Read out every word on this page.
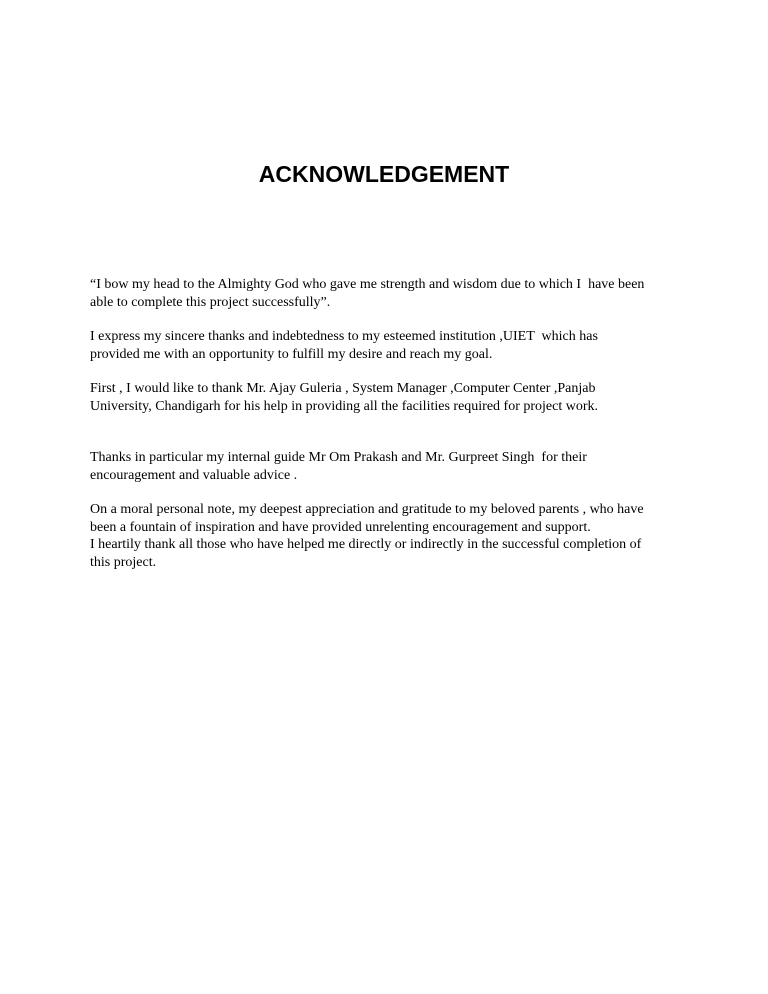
ACKNOWLEDGEMENT

“I bow my head to the Almighty God who gave me strength and wisdom due to which I  have been
able to complete this project successfully”.

I express my sincere thanks and indebtedness to my esteemed institution ,UIET  which has
provided me with an opportunity to fulfill my desire and reach my goal.

First , I would like to thank Mr. Ajay Guleria , System Manager ,Computer Center ,Panjab
University, Chandigarh for his help in providing all the facilities required for project work.

Thanks in particular my internal guide Mr Om Prakash and Mr. Gurpreet Singh  for their
encouragement and valuable advice .

On a moral personal note, my deepest appreciation and gratitude to my beloved parents , who have
been a fountain of inspiration and have provided unrelenting encouragement and support.
I heartily thank all those who have helped me directly or indirectly in the successful completion of
this project.
